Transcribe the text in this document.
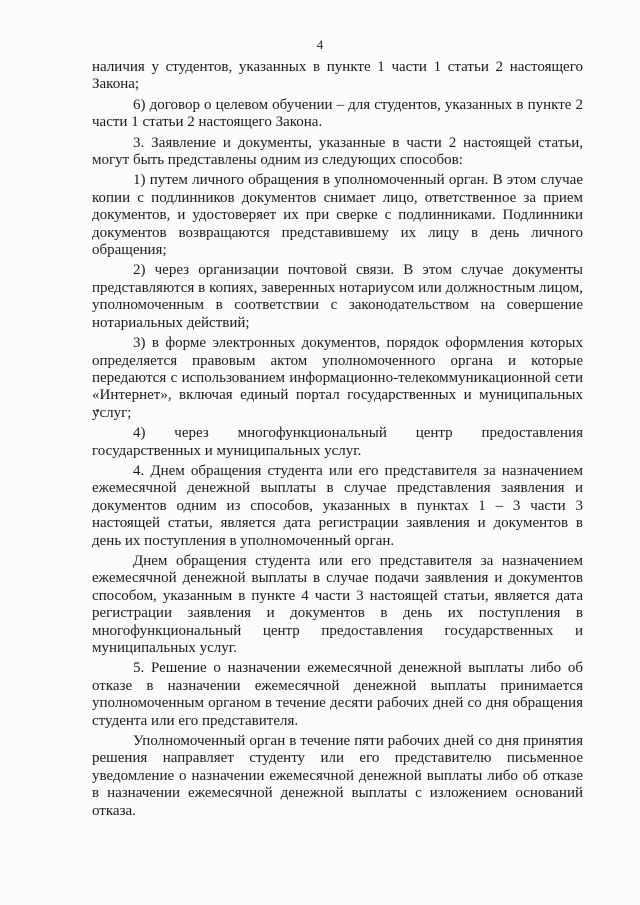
4

наличия у студентов, указанных в пункте 1 части 1 статьи 2 настоящего Закона;

6) договор о целевом обучении – для студентов, указанных в пункте 2 части 1 статьи 2 настоящего Закона.

3. Заявление и документы, указанные в части 2 настоящей статьи, могут быть представлены одним из следующих способов:

1) путем личного обращения в уполномоченный орган. В этом случае копии с подлинников документов снимает лицо, ответственное за прием документов, и удостоверяет их при сверке с подлинниками. Подлинники документов возвращаются представившему их лицу в день личного обращения;

2) через организации почтовой связи. В этом случае документы представляются в копиях, заверенных нотариусом или должностным лицом, уполномоченным в соответствии с законодательством на совершение нотариальных действий;

3) в форме электронных документов, порядок оформления которых определяется правовым актом уполномоченного органа и которые передаются с использованием информационно-телекоммуникационной сети «Интернет», включая единый портал государственных и муниципальных услуг;

4) через многофункциональный центр предоставления государственных и муниципальных услуг.

4. Днем обращения студента или его представителя за назначением ежемесячной денежной выплаты в случае представления заявления и документов одним из способов, указанных в пунктах 1 – 3 части 3 настоящей статьи, является дата регистрации заявления и документов в день их поступления в уполномоченный орган.

Днем обращения студента или его представителя за назначением ежемесячной денежной выплаты в случае подачи заявления и документов способом, указанным в пункте 4 части 3 настоящей статьи, является дата регистрации заявления и документов в день их поступления в многофункциональный центр предоставления государственных и муниципальных услуг.

5. Решение о назначении ежемесячной денежной выплаты либо об отказе в назначении ежемесячной денежной выплаты принимается уполномоченным органом в течение десяти рабочих дней со дня обращения студента или его представителя.

Уполномоченный орган в течение пяти рабочих дней со дня принятия решения направляет студенту или его представителю письменное уведомление о назначении ежемесячной денежной выплаты либо об отказе в назначении ежемесячной денежной выплаты с изложением оснований отказа.
